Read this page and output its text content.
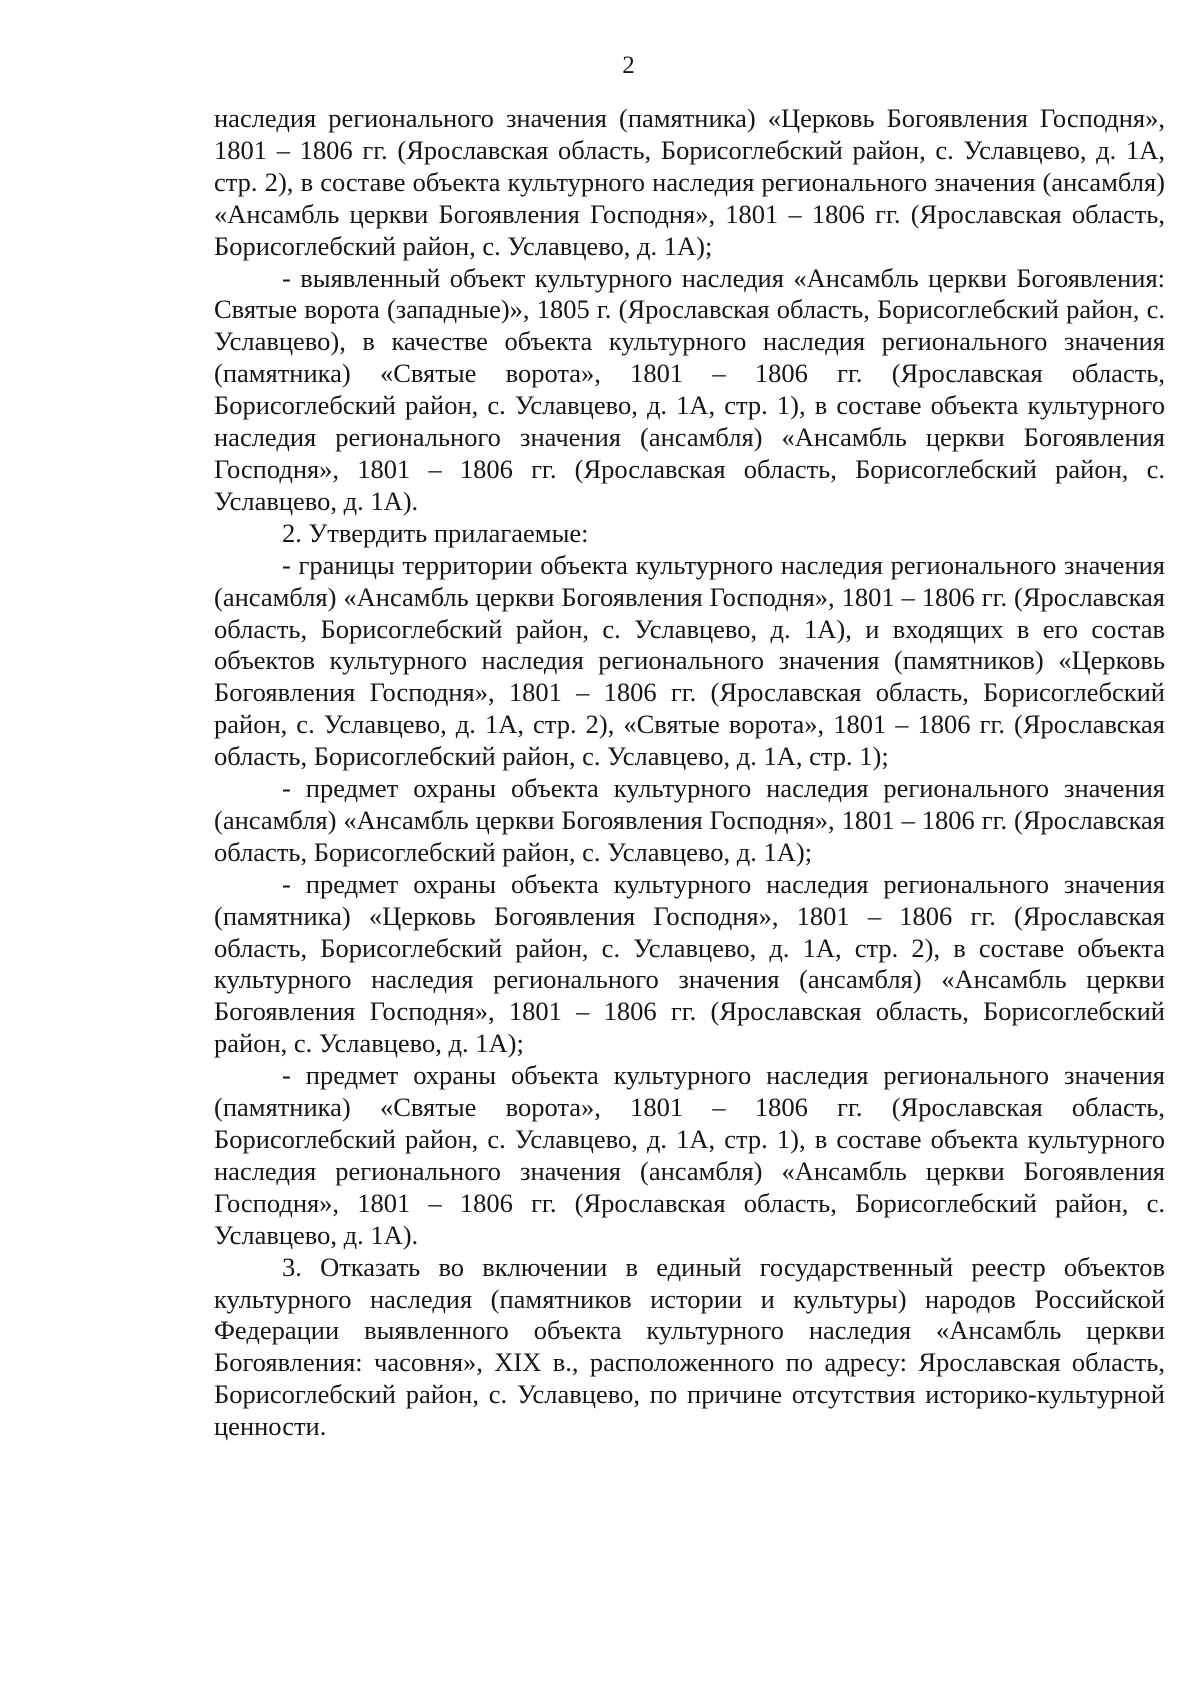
2

наследия регионального значения (памятника) «Церковь Богоявления Господня», 1801 – 1806 гг. (Ярославская область, Борисоглебский район, с. Уславцево, д. 1А, стр. 2), в составе объекта культурного наследия регионального значения (ансамбля) «Ансамбль церкви Богоявления Господня», 1801 – 1806 гг. (Ярославская область, Борисоглебский район, с. Уславцево, д. 1А);

- выявленный объект культурного наследия «Ансамбль церкви Богоявления: Святые ворота (западные)», 1805 г. (Ярославская область, Борисоглебский район, с. Уславцево), в качестве объекта культурного наследия регионального значения (памятника) «Святые ворота», 1801 – 1806 гг. (Ярославская область, Борисоглебский район, с. Уславцево, д. 1А, стр. 1), в составе объекта культурного наследия регионального значения (ансамбля) «Ансамбль церкви Богоявления Господня», 1801 – 1806 гг. (Ярославская область, Борисоглебский район, с. Уславцево, д. 1А).

2. Утвердить прилагаемые:

- границы территории объекта культурного наследия регионального значения (ансамбля) «Ансамбль церкви Богоявления Господня», 1801 – 1806 гг. (Ярославская область, Борисоглебский район, с. Уславцево, д. 1А), и входящих в его состав объектов культурного наследия регионального значения (памятников) «Церковь Богоявления Господня», 1801 – 1806 гг. (Ярославская область, Борисоглебский район, с. Уславцево, д. 1А, стр. 2), «Святые ворота», 1801 – 1806 гг. (Ярославская область, Борисоглебский район, с. Уславцево, д. 1А, стр. 1);

- предмет охраны объекта культурного наследия регионального значения (ансамбля) «Ансамбль церкви Богоявления Господня», 1801 – 1806 гг. (Ярославская область, Борисоглебский район, с. Уславцево, д. 1А);

- предмет охраны объекта культурного наследия регионального значения (памятника) «Церковь Богоявления Господня», 1801 – 1806 гг. (Ярославская область, Борисоглебский район, с. Уславцево, д. 1А, стр. 2), в составе объекта культурного наследия регионального значения (ансамбля) «Ансамбль церкви Богоявления Господня», 1801 – 1806 гг. (Ярославская область, Борисоглебский район, с. Уславцево, д. 1А);

- предмет охраны объекта культурного наследия регионального значения (памятника) «Святые ворота», 1801 – 1806 гг. (Ярославская область, Борисоглебский район, с. Уславцево, д. 1А, стр. 1), в составе объекта культурного наследия регионального значения (ансамбля) «Ансамбль церкви Богоявления Господня», 1801 – 1806 гг. (Ярославская область, Борисоглебский район, с. Уславцево, д. 1А).

3. Отказать во включении в единый государственный реестр объектов культурного наследия (памятников истории и культуры) народов Российской Федерации выявленного объекта культурного наследия «Ансамбль церкви Богоявления: часовня», XIX в., расположенного по адресу: Ярославская область, Борисоглебский район, с. Уславцево, по причине отсутствия историко-культурной ценности.
